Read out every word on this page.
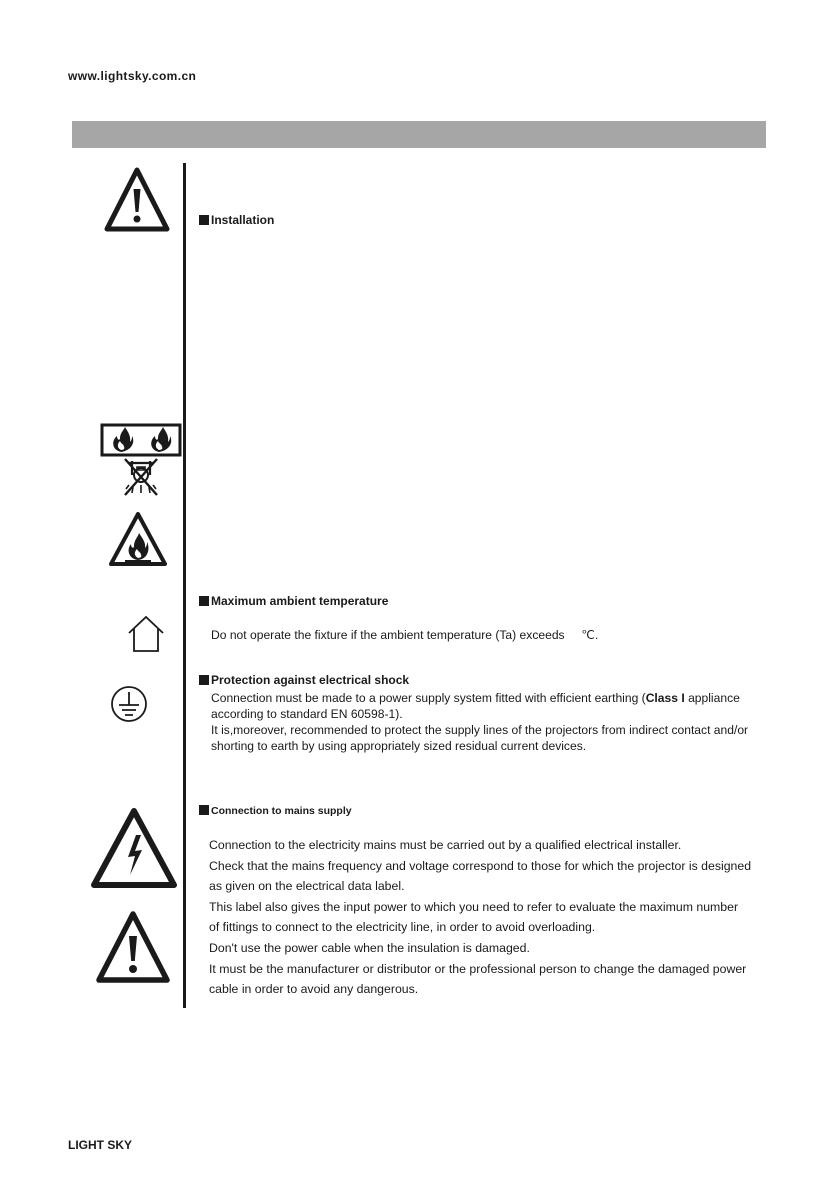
www.lightsky.com.cn
Installation
Maximum ambient temperature
Do not operate the fixture if the ambient temperature (Ta) exceeds     ℃.
Protection against electrical shock
Connection must be made to a power supply system fitted with efficient earthing (Class I appliance
according to standard EN 60598-1).
It is,moreover, recommended to protect the supply lines of the projectors from indirect contact and/or
shorting to earth by using appropriately sized residual current devices.
Connection to mains supply
Connection to the electricity mains must be carried out by a qualified electrical installer.
Check that the mains frequency and voltage correspond to those for which the projector is designed
as given on the electrical data label.
This label also gives the input power to which you need to refer to evaluate the maximum number
of fittings to connect to the electricity line, in order to avoid overloading.
Don't use the power cable when the insulation is damaged.
It must be the manufacturer or distributor or the professional person to change the damaged power
cable in order to avoid any dangerous.
LIGHT SKY
